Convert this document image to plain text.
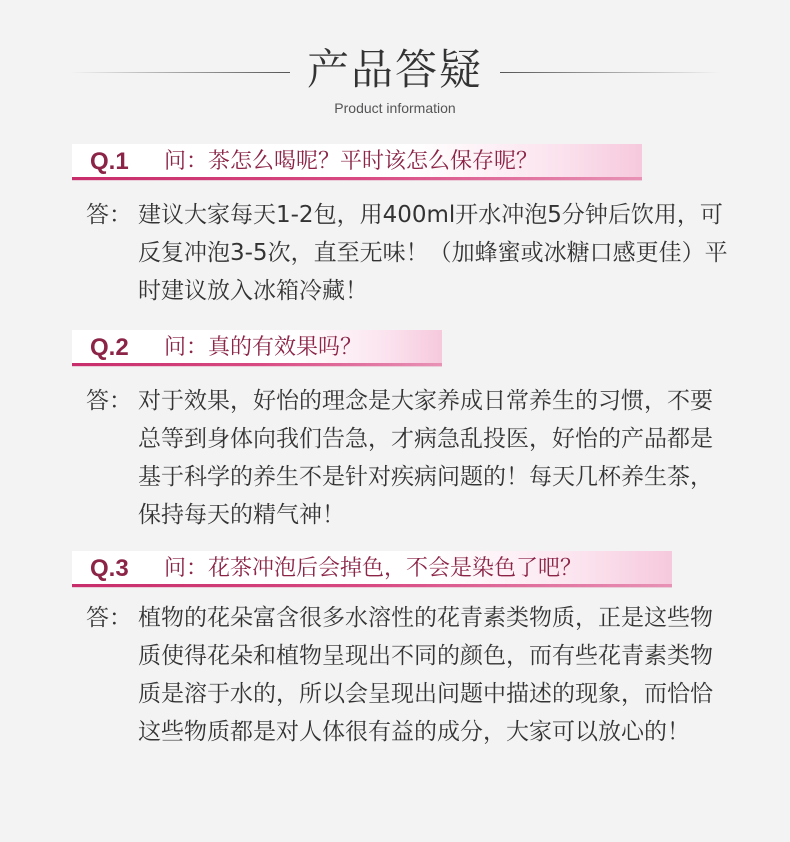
产品答疑
Product information
Q.1 问：茶怎么喝呢？平时该怎么保存呢？
答： 建议大家每天1-2包，用400ml开水冲泡5分钟后饮用，可反复冲泡3-5次，直至无味！（加蜂蜜或冰糖口感更佳）平时建议放入冰箱冷藏！
Q.2 问：真的有效果吗？
答： 对于效果，好怡的理念是大家养成日常养生的习惯，不要总等到身体向我们告急，才病急乱投医，好怡的产品都是基于科学的养生不是针对疾病问题的！每天几杯养生茶，保持每天的精气神！
Q.3 问：花茶冲泡后会掉色，不会是染色了吧？
答： 植物的花朵富含很多水溶性的花青素类物质，正是这些物质使得花朵和植物呈现出不同的颜色，而有些花青素类物质是溶于水的，所以会呈现出问题中描述的现象，而恰恰这些物质都是对人体很有益的成分，大家可以放心的！
